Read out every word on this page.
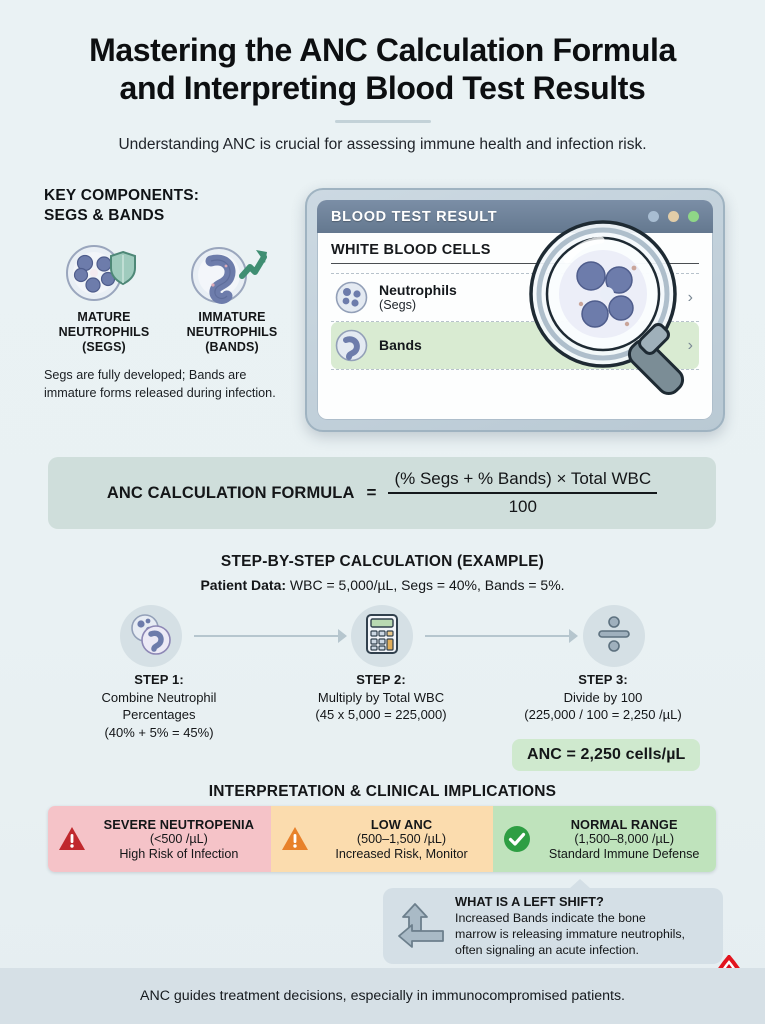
Mastering the ANC Calculation Formula
and Interpreting Blood Test Results
Understanding ANC is crucial for assessing immune health and infection risk.
KEY COMPONENTS:
SEGS & BANDS
MATURE
NEUTROPHILS
(SEGS)
IMMATURE
NEUTROPHILS
(BANDS)
Segs are fully developed; Bands are immature forms released during infection.
BLOOD TEST RESULT
WHITE BLOOD CELLS
Neutrophils
(Segs)	›
Bands	›
ANC CALCULATION FORMULA = $\frac{\text{(\% Segs + \% Bands) × Total WBC}}{100}$
STEP-BY-STEP CALCULATION (EXAMPLE)
Patient Data: WBC = 5,000/µL, Segs = 40%, Bands = 5%.
STEP 1:
Combine Neutrophil
Percentages
(40% + 5% = 45%)
STEP 2:
Multiply by Total WBC
(45 x 5,000 = 225,000)
STEP 3:
Divide by 100
(225,000 / 100 = 2,250 /µL)
ANC = 2,250 cells/µL
INTERPRETATION & CLINICAL IMPLICATIONS
SEVERE NEUTROPENIA
(<500 /µL)
High Risk of Infection
LOW ANC
(500–1,500 /µL)
Increased Risk, Monitor
NORMAL RANGE
(1,500–8,000 /µL)
Standard Immune Defense
WHAT IS A LEFT SHIFT?
Increased Bands indicate the bone
marrow is releasing immature neutrophils,
often signaling an acute infection.
ANC guides treatment decisions, especially in immunocompromised patients.
